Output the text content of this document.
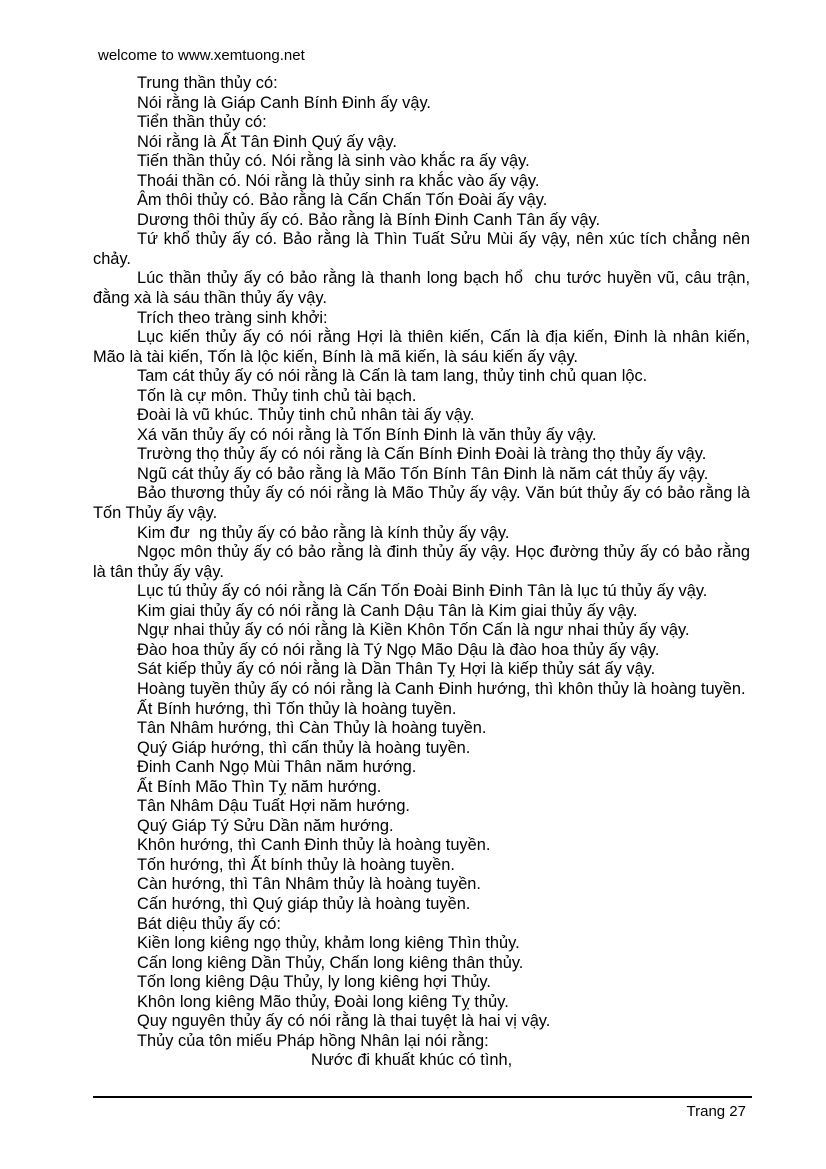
welcome to www.xemtuong.net

Trung thần thủy có:

Nói rằng là Giáp Canh Bính Đinh ấy vậy.

Tiển thần thủy có:

Nói rằng là Ất Tân Đinh Quý ấy vậy.

Tiến thần thủy có. Nói rằng là sinh vào khắc ra ấy vậy.

Thoái thần có. Nói rằng là thủy sinh ra khắc vào ấy vậy.

Âm thôi thủy có. Bảo rằng là Cấn Chấn Tốn Đoài ấy vậy.

Dương thôi thủy ấy có. Bảo rằng là Bính Đinh Canh Tân ấy vậy.

Tứ khổ thủy ấy có. Bảo rằng là Thìn Tuất Sửu Mùi ấy vậy, nên xúc tích chẳng nên chảy.

Lúc thần thủy ấy có bảo rằng là thanh long bạch hổ  chu tước huyền vũ, câu trận, đằng xà là sáu thần thủy ấy vậy.

Trích theo tràng sinh khởi:

Lục kiến thủy ấy có nói rằng Hợi là thiên kiến, Cấn là địa kiến, Đinh là nhân kiến, Mão là tài kiến, Tốn là lộc kiến, Bính là mã kiến, là sáu kiến ấy vậy.

Tam cát thủy ấy có nói rằng là Cấn là tam lang, thủy tinh chủ quan lộc.

Tốn là cự môn. Thủy tinh chủ tài bạch.

Đoài là vũ khúc. Thủy tinh chủ nhân tài ấy vậy.

Xá văn thủy ấy có nói rằng là Tốn Bính Đinh là văn thủy ấy vậy.

Trường thọ thủy ấy có nói rằng là Cấn Bính Đinh Đoài là tràng thọ thủy ấy vậy.

Ngũ cát thủy ấy có bảo rằng là Mão Tốn Bính Tân Đinh là năm cát thủy ấy vậy.

Bảo thương thủy ấy có nói rằng là Mão Thủy ấy vậy. Văn bút thủy ấy có bảo rằng là Tốn Thủy ấy vậy.

Kim đư  ng thủy ấy có bảo rằng là kính thủy ấy vậy.

Ngọc môn thủy ấy có bảo rằng là đinh thủy ấy vậy. Học đường thủy ấy có bảo rằng là tân thủy ấy vậy.

Lục tú thủy ấy có nói rằng là Cấn Tốn Đoài Binh Đinh Tân là lục tú thủy ấy vậy.

Kim giai thủy ấy có nói rằng là Canh Dậu Tân là Kim giai thủy ấy vậy.

Ngự nhai thủy ấy có nói rằng là Kiền Khôn Tốn Cấn là ngư nhai thủy ấy vậy.

Đào hoa thủy ấy có nói rằng là Tý Ngọ Mão Dậu là đào hoa thủy ấy vậy.

Sát kiếp thủy ấy có nói rằng là Dần Thân Tỵ Hợi là kiếp thủy sát ấy vậy.

Hoàng tuyền thủy ấy có nói rằng là Canh Đinh hướng, thì khôn thủy là hoàng tuyền.

Ất Bính hướng, thì Tốn thủy là hoàng tuyền.

Tân Nhâm hướng, thì Càn Thủy là hoàng tuyền.

Quý Giáp hướng, thì cấn thủy là hoàng tuyền.

Đinh Canh Ngọ Mùi Thân năm hướng.

Ất Bính Mão Thìn Tỵ năm hướng.

Tân Nhâm Dậu Tuất Hợi năm hướng.

Quý Giáp Tý Sửu Dần năm hướng.

Khôn hướng, thì Canh Đinh thủy là hoàng tuyền.

Tốn hướng, thì Ất bính thủy là hoàng tuyền.

Càn hướng, thì Tân Nhâm thủy là hoàng tuyền.

Cấn hướng, thì Quý giáp thủy là hoàng tuyền.

Bát diệu thủy ấy có:

Kiền long kiêng ngọ thủy, khảm long kiêng Thìn thủy.

Cấn long kiêng Dần Thủy, Chấn long kiêng thân thủy.

Tốn long kiêng Dậu Thủy, ly long kiêng hợi Thủy.

Khôn long kiêng Mão thủy, Đoài long kiêng Tỵ thủy.

Quy nguyên thủy ấy có nói rằng là thai tuyệt là hai vị vậy.

Thủy của tôn miếu Pháp hồng Nhân lại nói rằng:

Nước đi khuất khúc có tình,

Trang 27
